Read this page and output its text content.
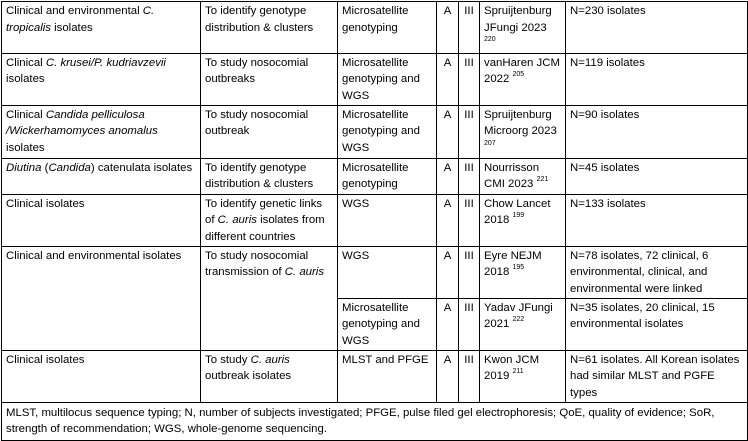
Clinical and environmental C. tropicalis isolates	To identify genotype distribution & clusters	Microsatellite genotyping	A	III	Spruijtenburg JFungi 2023 $^{220}$	N=230 isolates
Clinical C. krusei/P. kudriavzevii isolates	To study nosocomial outbreaks	Microsatellite genotyping and WGS	A	III	vanHaren JCM 2022 $^{205}$	N=119 isolates
Clinical Candida pelliculosa /Wickerhamomyces anomalus isolates	To study nosocomial outbreak	Microsatellite genotyping and WGS	A	III	Spruijtenburg Microorg 2023 $^{207}$	N=90 isolates
Diutina (Candida) catenulata isolates	To identify genotype distribution & clusters	Microsatellite genotyping	A	III	Nourrisson CMI 2023 $^{221}$	N=45 isolates
Clinical isolates	To identify genetic links of C. auris isolates from different countries	WGS	A	III	Chow Lancet 2018 $^{199}$	N=133 isolates
Clinical and environmental isolates	To study nosocomial transmission of C. auris	WGS	A	III	Eyre NEJM 2018 $^{195}$	N=78 isolates, 72 clinical, 6 environmental, clinical, and environmental were linked
		Microsatellite genotyping and WGS	A	III	Yadav JFungi 2021 $^{222}$	N=35 isolates, 20 clinical, 15 environmental isolates
Clinical isolates	To study C. auris outbreak isolates	MLST and PFGE	A	III	Kwon JCM 2019 $^{211}$	N=61 isolates. All Korean isolates had similar MLST and PGFE types
MLST, multilocus sequence typing; N, number of subjects investigated; PFGE, pulse filed gel electrophoresis; QoE, quality of evidence; SoR, strength of recommendation; WGS, whole-genome sequencing.						
